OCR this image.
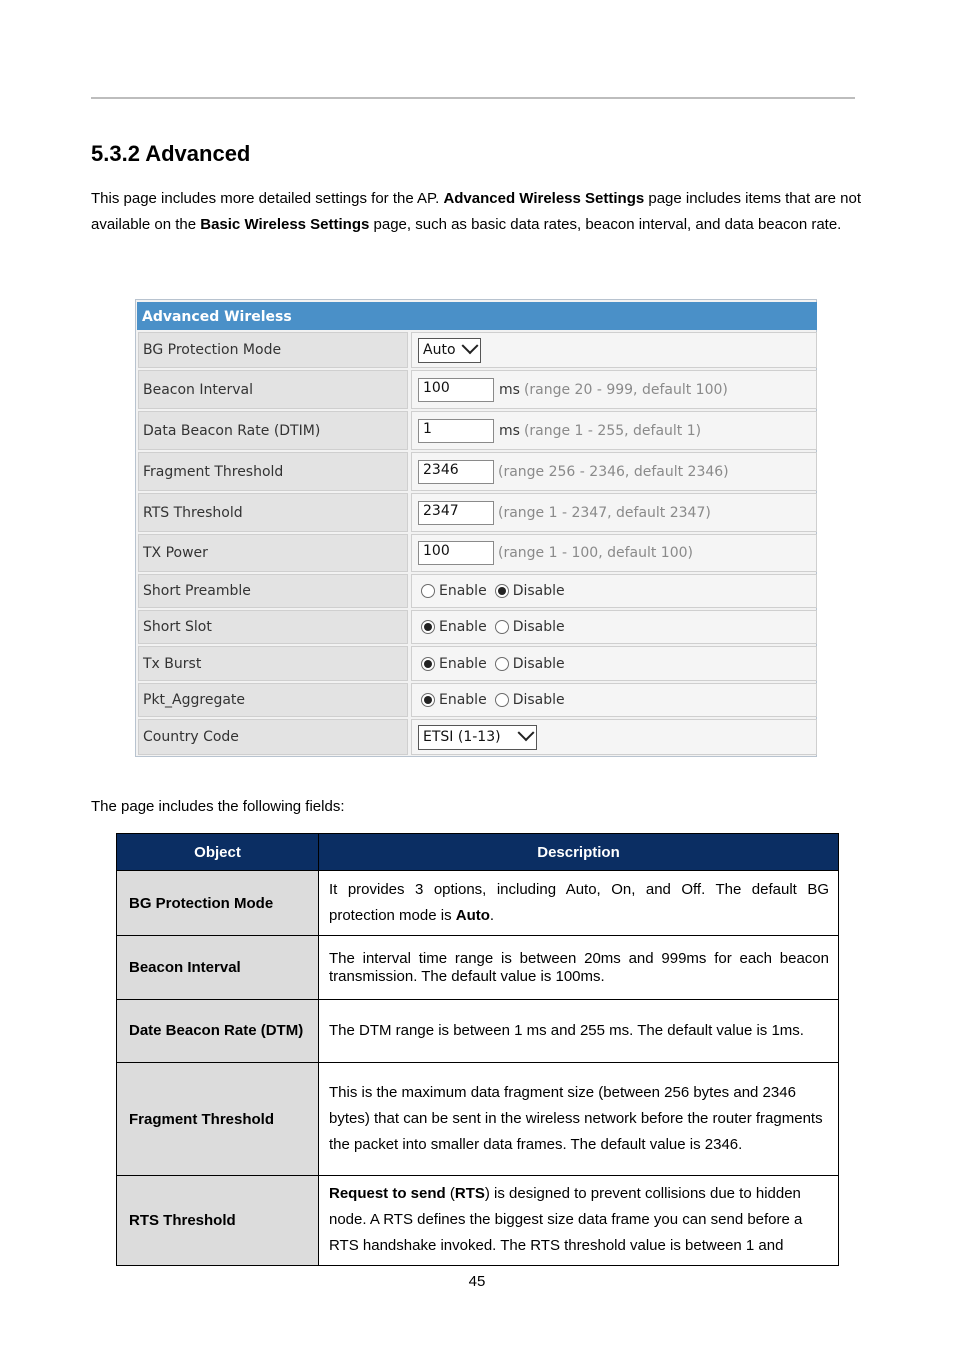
5.3.2 Advanced

This page includes more detailed settings for the AP. Advanced Wireless Settings page includes items that are not available on the Basic Wireless Settings page, such as basic data rates, beacon interval, and data beacon rate.

Advanced Wireless
BG Protection Mode	Auto
Beacon Interval	100	ms (range 20 - 999, default 100)
Data Beacon Rate (DTIM)	1	ms (range 1 - 255, default 1)
Fragment Threshold	2346	(range 256 - 2346, default 2346)
RTS Threshold	2347	(range 1 - 2347, default 2347)
TX Power	100	(range 1 - 100, default 100)
Short Preamble	Enable Disable
Short Slot	Enable Disable
Tx Burst	Enable Disable
Pkt_Aggregate	Enable Disable
Country Code	ETSI (1-13)

The page includes the following fields:

Object	Description
BG Protection Mode	It provides 3 options, including Auto, On, and Off. The default BG protection mode is Auto.
Beacon Interval	The interval time range is between 20ms and 999ms for each beacon transmission. The default value is 100ms.
Date Beacon Rate (DTM)	The DTM range is between 1 ms and 255 ms. The default value is 1ms.
Fragment Threshold	This is the maximum data fragment size (between 256 bytes and 2346 bytes) that can be sent in the wireless network before the router fragments the packet into smaller data frames. The default value is 2346.
RTS Threshold	Request to send (RTS) is designed to prevent collisions due to hidden node. A RTS defines the biggest size data frame you can send before a RTS handshake invoked. The RTS threshold value is between 1 and
45
